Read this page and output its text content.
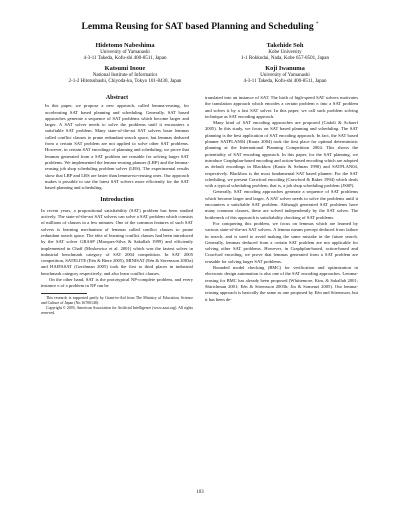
Lemma Reusing for SAT based Planning and Scheduling *
Hidetomo Nabeshima
University of Yamanashi
4-3-11 Takeda, Kofu-shi 400-8511, Japan
Takehide Soh
Kobe University
1-1 Rokkodai, Nada, Kobe 657-8501, Japan
Katsumi Inoue
National Institute of Informatics
2-1-2 Hitotsubashi, Chiyoda-ku, Tokyo 101-8430, Japan
Koji Iwanuma
University of Yamanashi
4-3-11 Takeda, Kofu-shi 400-8511, Japan
Abstract

In this paper, we propose a new approach, called lemma-reusing, for accelerating SAT based planning and scheduling. Generally, SAT based approaches generate a sequence of SAT problems which become larger and larger. A SAT solver needs to solve the problems until it encounters a satisfiable SAT problem. Many state-of-the-art SAT solvers learn lemmas called conflict clauses to prune redundant search space, but lemmas deduced from a certain SAT problem are not applied to solve other SAT problems. However, in certain SAT encodings of planning and scheduling, we prove that lemmas generated from a SAT problem are reusable for solving larger SAT problems. We implemented the lemma-reusing planner (LRP) and the lemma-reusing job shop scheduling problem solver (LRS). The experimental results show that LRP and LRS are faster than lemma-no-reusing ones. Our approach makes it possible to use the latest SAT solvers more efficiently for the SAT based planning and scheduling.

Introduction

In recent years, a propositional satisfiability (SAT) problem has been studied actively. The state-of-the-art SAT solvers can solve a SAT problem which consists of millions of clauses in a few minutes. One of the common features of such SAT solvers is learning mechanism of lemmas called conflict clauses to prune redundant search space. The idea of learning conflict clauses had been introduced by the SAT solver GRASP (Marques-Silva & Sakallah 1999) and efficiently implemented in Chaff (Moskewicz et al. 2001) which was the fastest solver in industrial benchmark category of SAT 2004 competition. In SAT 2005 competition, SATELITE (Eén & Biere 2005), MINISAT (Eén & Sörensson 2003a) and HAIFASAT (Gershman 2005) took the first to third places in industrial benchmark category respectively, and also learn conflict clauses.

On the other hand, SAT is the prototypical NP-complete problem, and every instance π of a problem in NP can be

This research is supported partly by Grant-in-Aid from The Ministry of Education, Science and Culture of Japan (No.16700140).

Copyright © 2005, American Association for Artificial Intelligence (www.aaai.org). All rights reserved.

translated into an instance of SAT. The birth of high-speed SAT solvers motivates the translation approach which encodes a certain problem π into a SAT problem and solves it by a fast SAT solver. In this paper, we call such problem solving technique as SAT encoding approach.

Many kind of SAT encoding approaches are proposed (Cadoli & Schaerf 2005). In this study, we focus on SAT based planning and scheduling. The SAT planning is the best application of SAT encoding approach. In fact, the SAT based planner SATPLAN04 (Kautz 2004) took the first place for optimal deterministic planning at the International Planning Competition 2004. This shows the potentiality of SAT encoding approach. In this paper, for the SAT planning, we introduce Graphplan-based encoding and action-based encoding which are adopted as default encodings in Blackbox (Kautz & Selman 1998) and SATPLAN04, respectively. Blackbox is the most fundamental SAT based planner. For the SAT scheduling, we present Crawford encoding (Crawford & Baker 1994) which deals with a typical scheduling problem, that is, a job shop scheduling problem (JSSP).

Generally, SAT encoding approaches generate a sequence of SAT problems which become larger and larger. A SAT solver needs to solve the problems until it encounters a satisfiable SAT problem. Although generated SAT problems have many common clauses, these are solved independently by the SAT solver. The bottleneck of this approach is satisfiability checking of SAT problems.

For conquering this problem, we focus on lemmas which are learned by various state-of-the-art SAT solvers. A lemma means precept deduced from failure in search, and is used to avoid making the same mistake in the future search. Generally, lemmas deduced from a certain SAT problem are not applicable for solving other SAT problems. However, in Graphplan-based, action-based and Crawford encoding, we prove that lemmas generated from a SAT problem are reusable for solving larger SAT problems.

Bounded model checking (BMC) for verification and optimization in electronic design automation is also one of the SAT encoding approaches. Lemma-reusing for BMC has already been proposed (Whittemore, Kim, & Sakallah 2001; Shtrichman 2001; Eén & Sörensson 2003b; Jin & Somenzi 2005). Our lemma-reusing approach is basically the same as one proposed by Eén and Sörensson, but it has been de-

103
